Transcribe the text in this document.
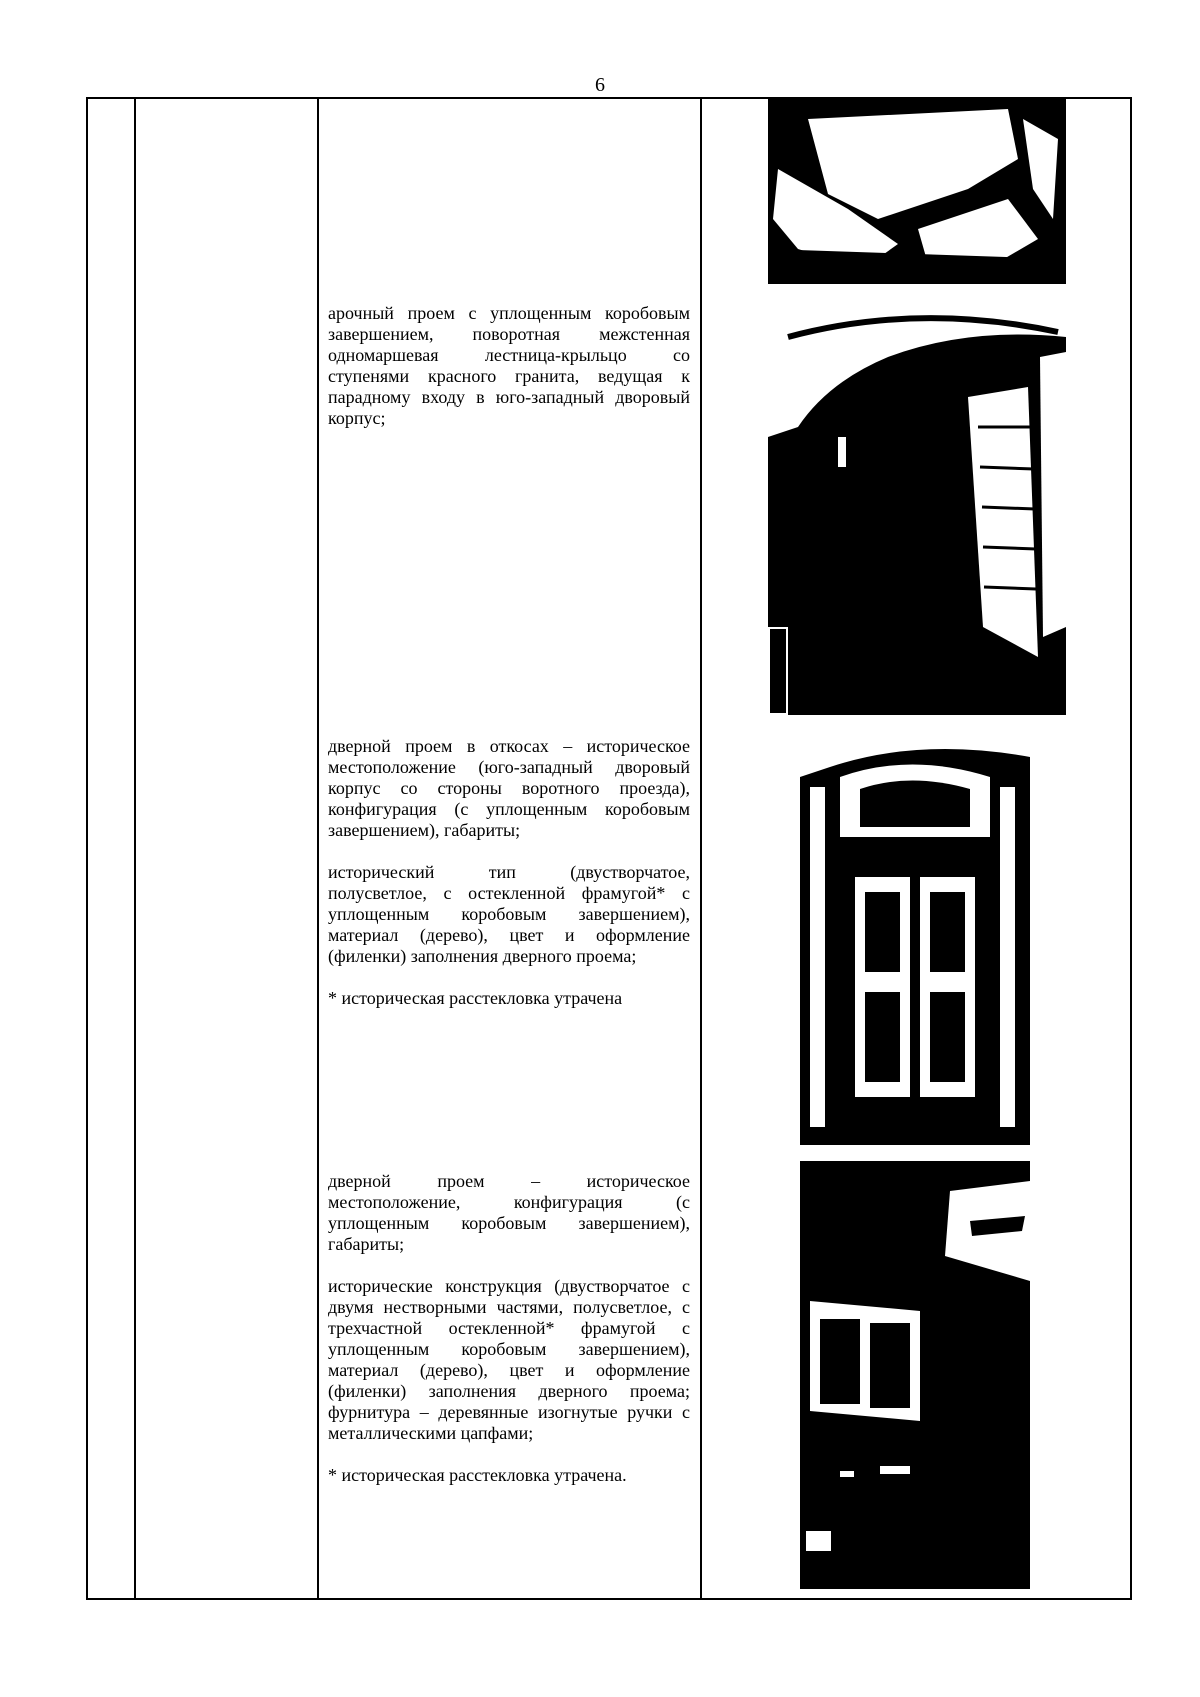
6

арочный проем с уплощенным коробовым завершением, поворотная межстенная одномаршевая лестница-крыльцо со ступенями красного гранита, ведущая к парадному входу в юго-западный дворовый корпус;

дверной проем в откосах – историческое местоположение (юго-западный дворовый корпус со стороны воротного проезда), конфигурация (с уплощенным коробовым завершением), габариты;

исторический тип (двустворчатое, полусветлое, с остекленной фрамугой* с уплощенным коробовым завершением), материал (дерево), цвет и оформление (филенки) заполнения дверного проема;

* историческая расстекловка утрачена

дверной проем – историческое местоположение, конфигурация (с уплощенным коробовым завершением), габариты;

исторические конструкция (двустворчатое с двумя нестворными частями, полусветлое, с трехчастной остекленной* фрамугой с уплощенным коробовым завершением), материал (дерево), цвет и оформление (филенки) заполнения дверного проема; фурнитура – деревянные изогнутые ручки с металлическими цапфами;

* историческая расстекловка утрачена.
